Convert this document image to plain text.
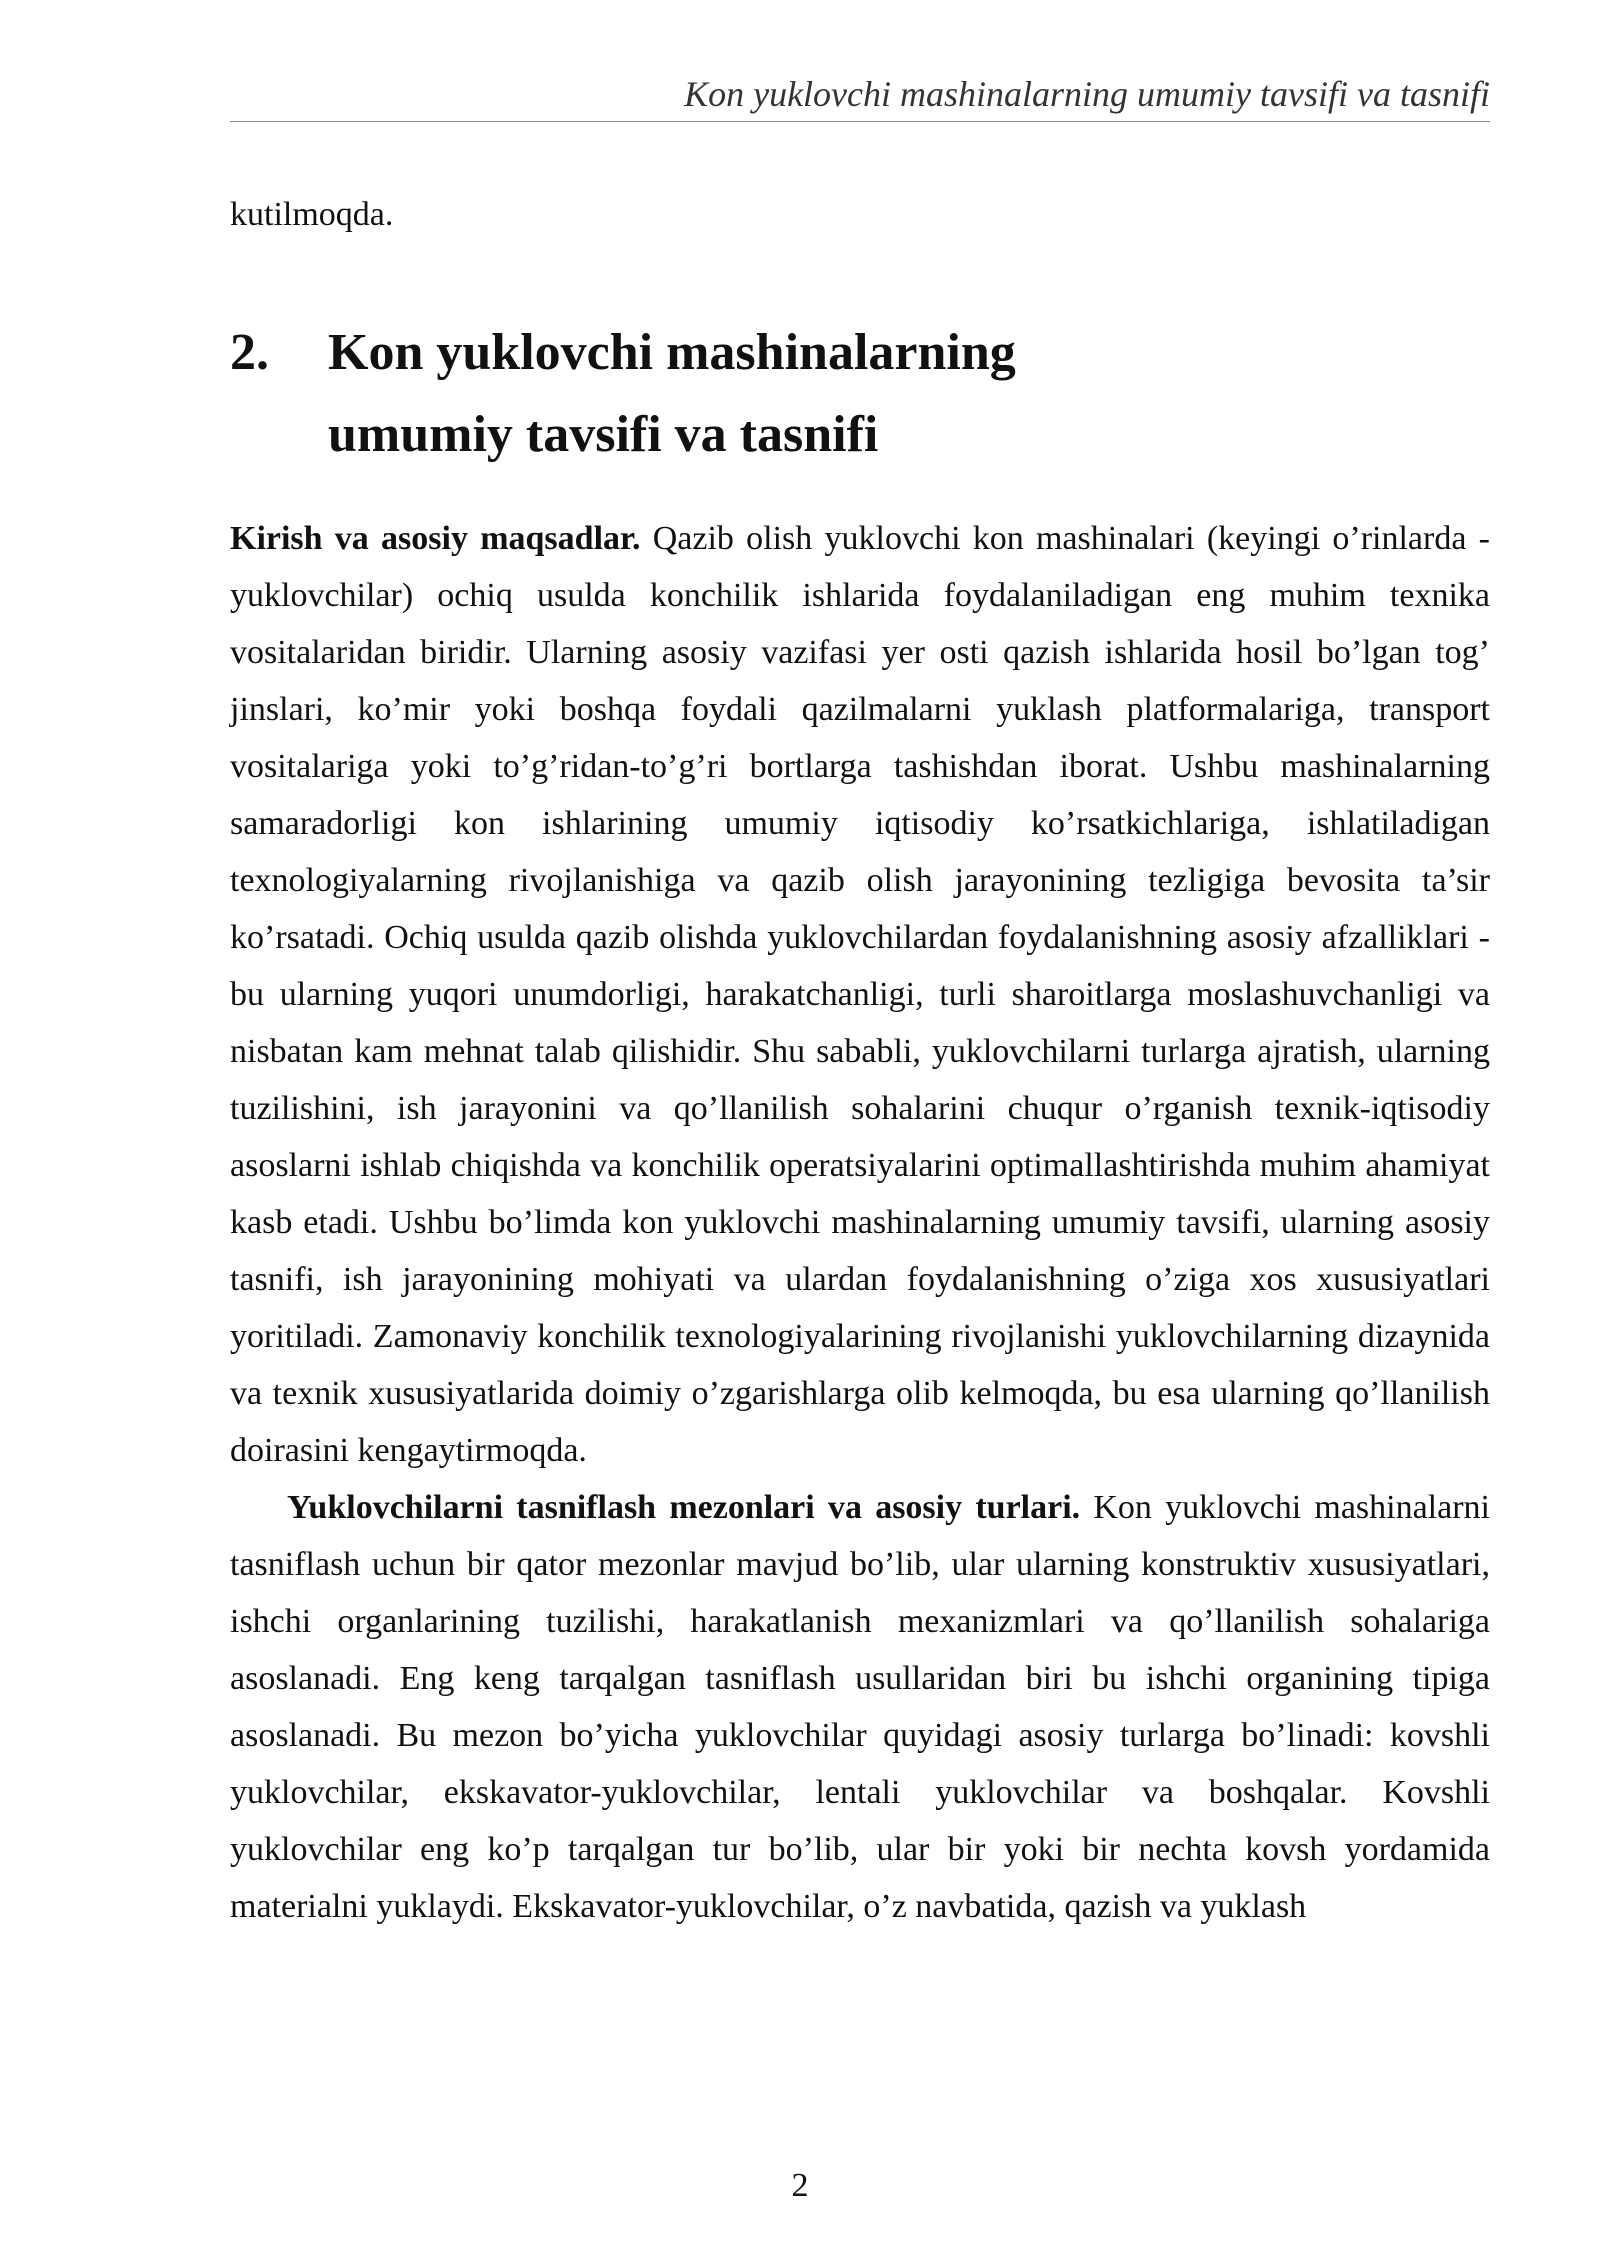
Kon yuklovchi mashinalarning umumiy tavsifi va tasnifi
kutilmoqda.
2.	Kon yuklovchi mashinalarning umumiy tavsifi va tasnifi

Kirish va asosiy maqsadlar. Qazib olish yuklovchi kon mashinalari (keyingi o’rinlarda - yuklovchilar) ochiq usulda konchilik ishlarida foydalaniladigan eng muhim texnika vositalaridan biridir. Ularning asosiy vazifasi yer osti qazish ishlarida hosil bo’lgan tog’ jinslari, ko’mir yoki boshqa foydali qazilmalarni yuklash platformalariga, transport vositalariga yoki to’g’ridan-to’g’ri bortlarga tashishdan iborat. Ushbu mashinalarning samaradorligi kon ishlarining umumiy iqtisodiy ko’rsatkichlariga, ishlatiladigan texnologiyalarning rivojlanishiga va qazib olish jarayonining tezligiga bevosita ta’sir ko’rsatadi. Ochiq usulda qazib olishda yuklovchilardan foydalanishning asosiy afzalliklari - bu ularning yuqori unumdorligi, harakatchanligi, turli sharoitlarga moslashuvchanligi va nisbatan kam mehnat talab qilishidir. Shu sababli, yuklovchilarni turlarga ajratish, ularning tuzilishini, ish jarayonini va qo’llanilish sohalarini chuqur o’rganish texnik-iqtisodiy asoslarni ishlab chiqishda va konchilik operatsiyalarini optimallashtirishda muhim ahamiyat kasb etadi. Ushbu bo’limda kon yuklovchi mashinalarning umumiy tavsifi, ularning asosiy tasnifi, ish jarayonining mohiyati va ulardan foydalanishning o’ziga xos xususiyatlari yoritiladi. Zamonaviy konchilik texnologiyalarining rivojlanishi yuklovchilarning dizaynida va texnik xususiyatlarida doimiy o’zgarishlarga olib kelmoqda, bu esa ularning qo’llanilish doirasini kengaytirmoqda.

Yuklovchilarni tasniflash mezonlari va asosiy turlari. Kon yuklovchi mashinalarni tasniflash uchun bir qator mezonlar mavjud bo’lib, ular ularning konstruktiv xususiyatlari, ishchi organlarining tuzilishi, harakatlanish mexanizmlari va qo’llanilish sohalariga asoslanadi. Eng keng tarqalgan tasniflash usullaridan biri bu ishchi organining tipiga asoslanadi. Bu mezon bo’yicha yuklovchilar quyidagi asosiy turlarga bo’linadi: kovshli yuklovchilar, ekskavator-yuklovchilar, lentali yuklovchilar va boshqalar. Kovshli yuklovchilar eng ko’p tarqalgan tur bo’lib, ular bir yoki bir nechta kovsh yordamida materialni yuklaydi. Ekskavator-yuklovchilar, o’z navbatida, qazish va yuklash

2
